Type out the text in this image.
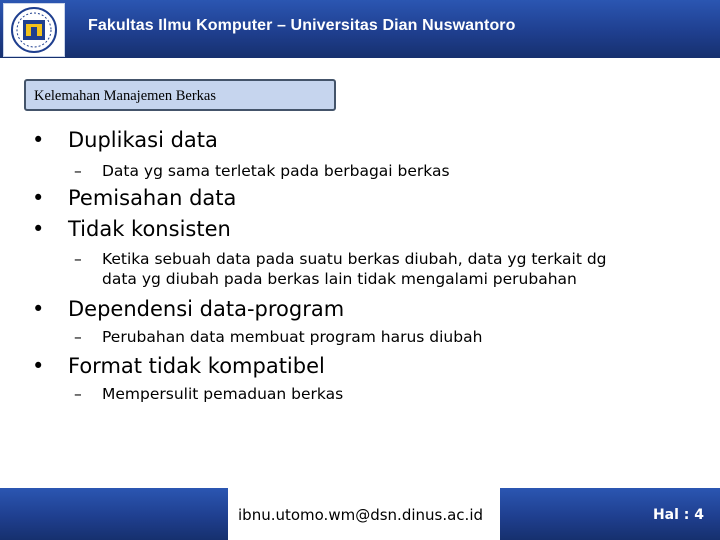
Fakultas Ilmu Komputer – Universitas Dian Nuswantoro
Kelemahan Manajemen Berkas
• Duplikasi data
– Data yg sama terletak pada berbagai berkas
• Pemisahan data
• Tidak konsisten
– Ketika sebuah data pada suatu berkas diubah, data yg terkait dg
data yg diubah pada berkas lain tidak mengalami perubahan
• Dependensi data-program
– Perubahan data membuat program harus diubah
• Format tidak kompatibel
– Mempersulit pemaduan berkas
ibnu.utomo.wm@dsn.dinus.ac.id	Hal : 4
